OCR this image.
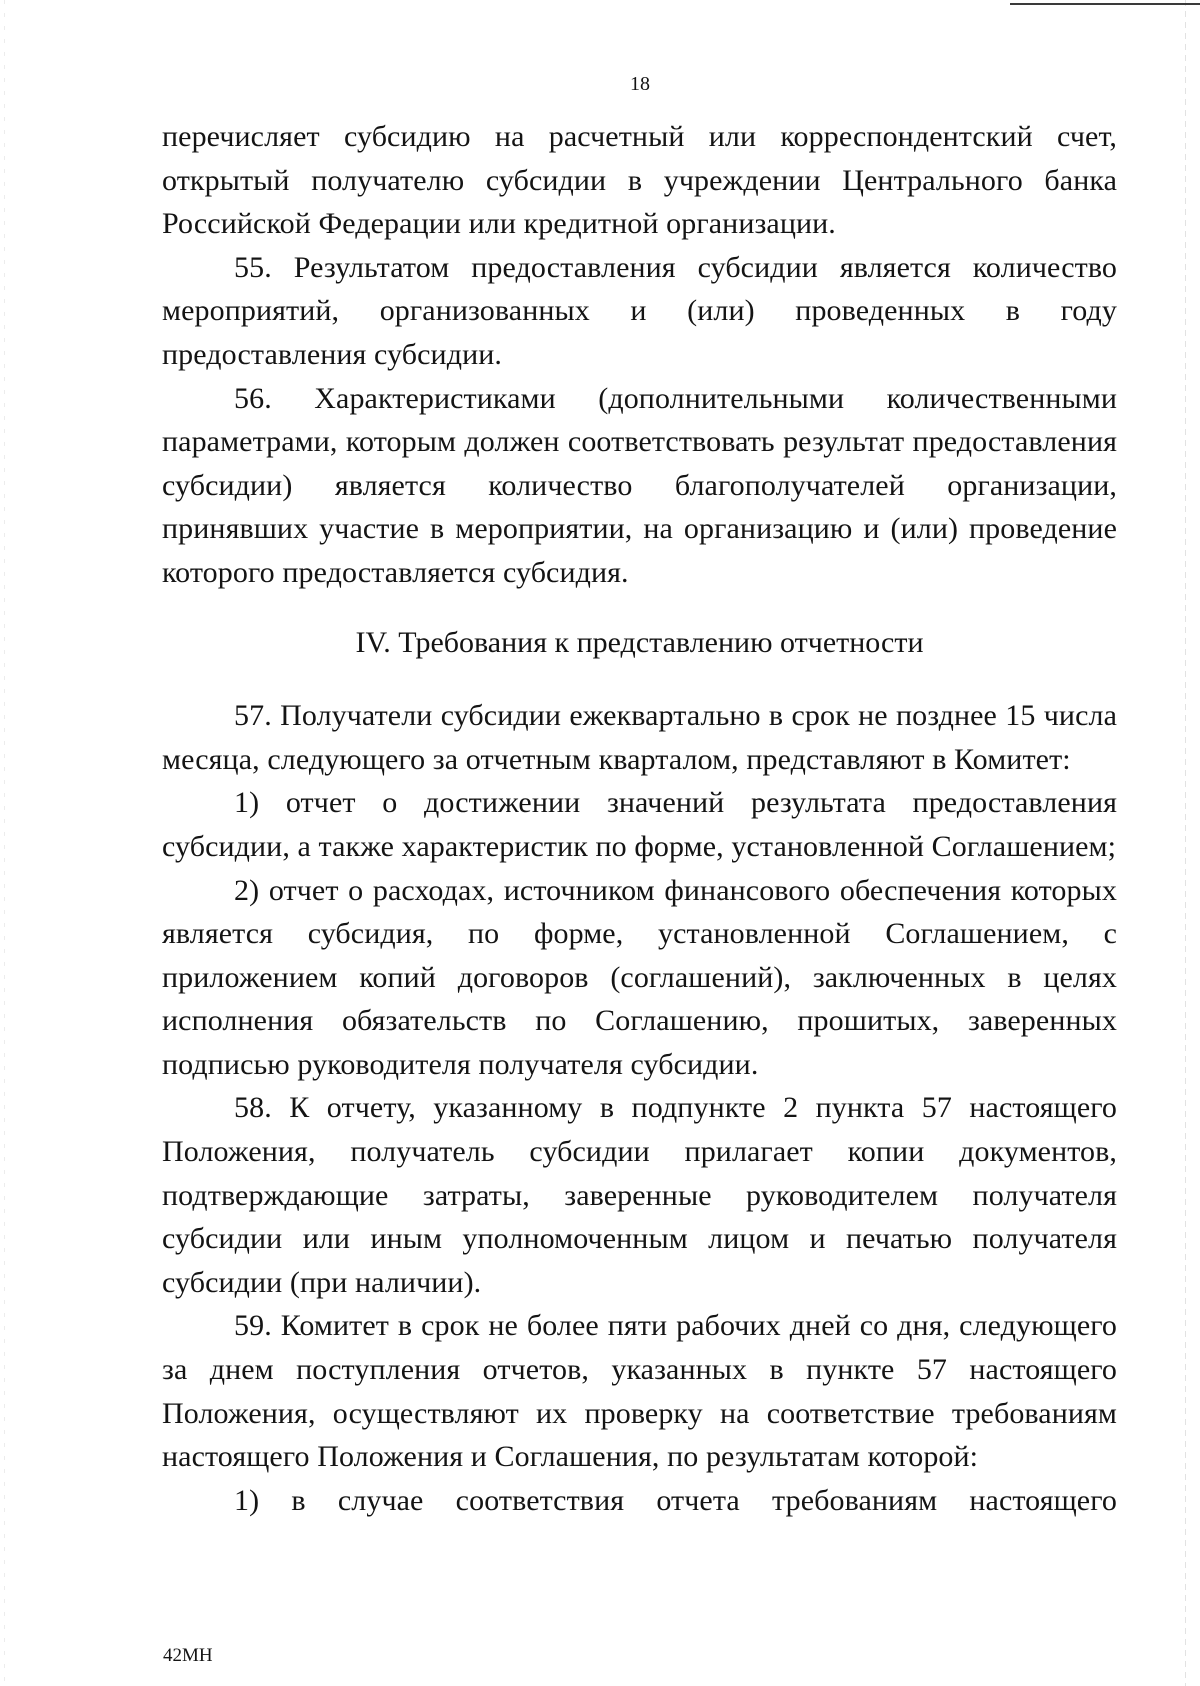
18

перечисляет субсидию на расчетный или корреспондентский счет, открытый получателю субсидии в учреждении Центрального банка Российской Федерации или кредитной организации.

55. Результатом предоставления субсидии является количество мероприятий, организованных и (или) проведенных в году предоставления субсидии.

56. Характеристиками (дополнительными количественными параметрами, которым должен соответствовать результат предоставления субсидии) является количество благополучателей организации, принявших участие в мероприятии, на организацию и (или) проведение которого предоставляется субсидия.

IV. Требования к представлению отчетности

57. Получатели субсидии ежеквартально в срок не позднее 15 числа месяца, следующего за отчетным кварталом, представляют в Комитет:

1) отчет о достижении значений результата предоставления субсидии, а также характеристик по форме, установленной Соглашением;

2) отчет о расходах, источником финансового обеспечения которых является субсидия, по форме, установленной Соглашением, с приложением копий договоров (соглашений), заключенных в целях исполнения обязательств по Соглашению, прошитых, заверенных подписью руководителя получателя субсидии.

58. К отчету, указанному в подпункте 2 пункта 57 настоящего Положения, получатель субсидии прилагает копии документов, подтверждающие затраты, заверенные руководителем получателя субсидии или иным уполномоченным лицом и печатью получателя субсидии (при наличии).

59. Комитет в срок не более пяти рабочих дней со дня, следующего за днем поступления отчетов, указанных в пункте 57 настоящего Положения, осуществляют их проверку на соответствие требованиям настоящего Положения и Соглашения, по результатам которой:

1) в случае соответствия отчета требованиям настоящего

42МН
